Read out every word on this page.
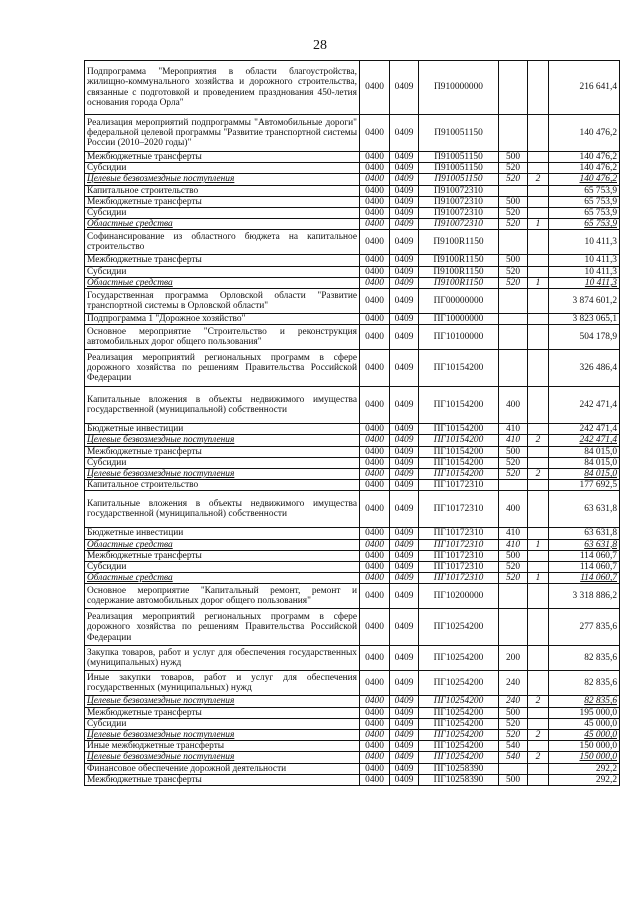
28
Подпрограмма "Мероприятия в области благоустройства, жилищно-коммунального хозяйства и дорожного строительства, связанные с подготовкой и проведением празднования 450-летия основания города Орла"	0400	0409	П910000000			216 641,4
Реализация мероприятий подпрограммы "Автомобильные дороги" федеральной целевой программы "Развитие транспортной системы России (2010–2020 годы)"	0400	0409	П910051150			140 476,2
Межбюджетные трансферты	0400	0409	П910051150	500		140 476,2
Субсидии	0400	0409	П910051150	520		140 476,2
Целевые безвозмездные поступления	0400	0409	П910051150	520	2	140 476,2
Капитальное строительство	0400	0409	П910072310			65 753,9
Межбюджетные трансферты	0400	0409	П910072310	500		65 753,9
Субсидии	0400	0409	П910072310	520		65 753,9
Областные средства	0400	0409	П910072310	520	1	65 753,9
Софинансирование из областного бюджета на капитальное строительство	0400	0409	П9100R1150			10 411,3
Межбюджетные трансферты	0400	0409	П9100R1150	500		10 411,3
Субсидии	0400	0409	П9100R1150	520		10 411,3
Областные средства	0400	0409	П9100R1150	520	1	10 411,3
Государственная программа Орловской области "Развитие транспортной системы в Орловской области"	0400	0409	ПГ00000000			3 874 601,2
Подпрограмма 1 "Дорожное хозяйство"	0400	0409	ПГ10000000			3 823 065,1
Основное мероприятие "Строительство и реконструкция автомобильных дорог общего пользования"	0400	0409	ПГ10100000			504 178,9
Реализация мероприятий региональных программ в сфере дорожного хозяйства по решениям Правительства Российской Федерации	0400	0409	ПГ10154200			326 486,4
Капитальные вложения в объекты недвижимого имущества государственной (муниципальной) собственности	0400	0409	ПГ10154200	400		242 471,4
Бюджетные инвестиции	0400	0409	ПГ10154200	410		242 471,4
Целевые безвозмездные поступления	0400	0409	ПГ10154200	410	2	242 471,4
Межбюджетные трансферты	0400	0409	ПГ10154200	500		84 015,0
Субсидии	0400	0409	ПГ10154200	520		84 015,0
Целевые безвозмездные поступления	0400	0409	ПГ10154200	520	2	84 015,0
Капитальное строительство	0400	0409	ПГ10172310			177 692,5
Капитальные вложения в объекты недвижимого имущества государственной (муниципальной) собственности	0400	0409	ПГ10172310	400		63 631,8
Бюджетные инвестиции	0400	0409	ПГ10172310	410		63 631,8
Областные средства	0400	0409	ПГ10172310	410	1	63 631,8
Межбюджетные трансферты	0400	0409	ПГ10172310	500		114 060,7
Субсидии	0400	0409	ПГ10172310	520		114 060,7
Областные средства	0400	0409	ПГ10172310	520	1	114 060,7
Основное мероприятие "Капитальный ремонт, ремонт и содержание автомобильных дорог общего пользования"	0400	0409	ПГ10200000			3 318 886,2
Реализация мероприятий региональных программ в сфере дорожного хозяйства по решениям Правительства Российской Федерации	0400	0409	ПГ10254200			277 835,6
Закупка товаров, работ и услуг для обеспечения государственных (муниципальных) нужд	0400	0409	ПГ10254200	200		82 835,6
Иные закупки товаров, работ и услуг для обеспечения государственных (муниципальных) нужд	0400	0409	ПГ10254200	240		82 835,6
Целевые безвозмездные поступления	0400	0409	ПГ10254200	240	2	82 835,6
Межбюджетные трансферты	0400	0409	ПГ10254200	500		195 000,0
Субсидии	0400	0409	ПГ10254200	520		45 000,0
Целевые безвозмездные поступления	0400	0409	ПГ10254200	520	2	45 000,0
Иные межбюджетные трансферты	0400	0409	ПГ10254200	540		150 000,0
Целевые безвозмездные поступления	0400	0409	ПГ10254200	540	2	150 000,0
Финансовое обеспечение дорожной деятельности	0400	0409	ПГ10258390			292,2
Межбюджетные трансферты	0400	0409	ПГ10258390	500		292,2
